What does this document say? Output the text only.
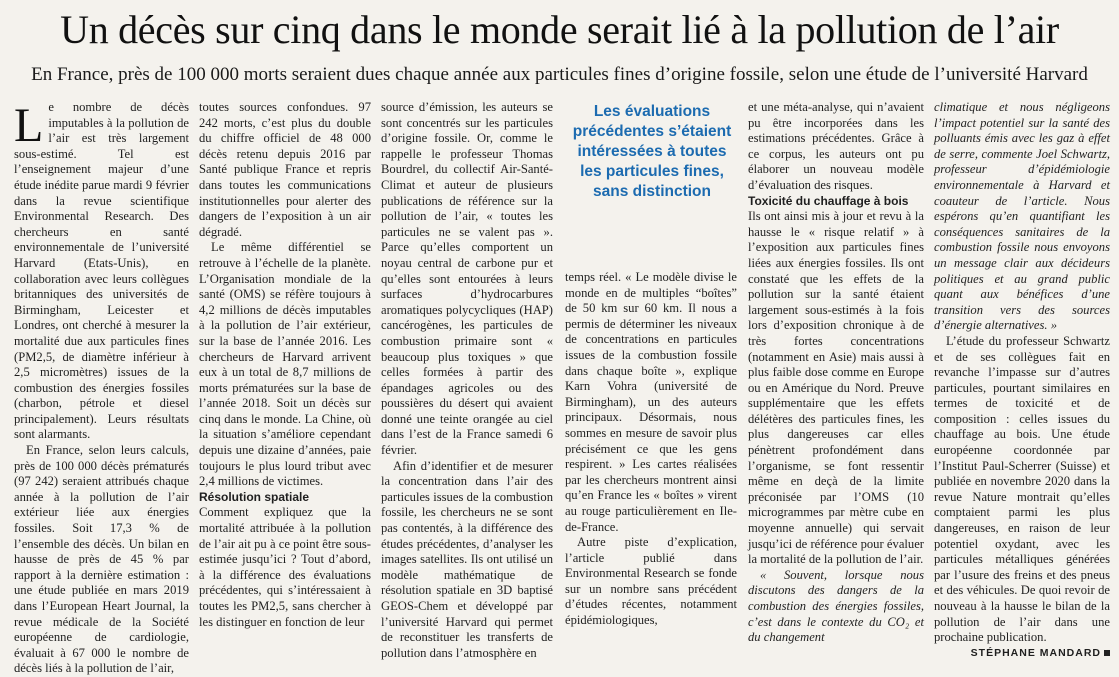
Un décès sur cinq dans le monde serait lié à la pollution de l’air
En France, près de 100 000 morts seraient dues chaque année aux particules fines d’origine fossile, selon une étude de l’université Harvard

Le nombre de décès imputables à la pollution de l’air est très largement sous-estimé. Tel est l’enseignement majeur d’une étude inédite parue mardi 9 février dans la revue scientifique Environmental Research. Des chercheurs en santé environnementale de l’université Harvard (Etats-Unis), en collaboration avec leurs collègues britanniques des universités de Birmingham, Leicester et Londres, ont cherché à mesurer la mortalité due aux particules fines (PM2,5, de diamètre inférieur à 2,5 micromètres) issues de la combustion des énergies fossiles (charbon, pétrole et diesel principalement). Leurs résultats sont alarmants.

En France, selon leurs calculs, près de 100 000 décès prématurés (97 242) seraient attribués chaque année à la pollution de l’air extérieur liée aux énergies fossiles. Soit 17,3 % de l’ensemble des décès. Un bilan en hausse de près de 45 % par rapport à la dernière estimation : une étude publiée en mars 2019 dans l’European Heart Journal, la revue médicale de la Société européenne de cardiologie, évaluait à 67 000 le nombre de décès liés à la pollution de l’air,

toutes sources confondues. 97 242 morts, c’est plus du double du chiffre officiel de 48 000 décès retenu depuis 2016 par Santé publique France et repris dans toutes les communications institutionnelles pour alerter des dangers de l’exposition à un air dégradé.

Le même différentiel se retrouve à l’échelle de la planète. L’Organisation mondiale de la santé (OMS) se réfère toujours à 4,2 millions de décès imputables à la pollution de l’air extérieur, sur la base de l’année 2016. Les chercheurs de Harvard arrivent eux à un total de 8,7 millions de morts prématurées sur la base de l’année 2018. Soit un décès sur cinq dans le monde. La Chine, où la situation s’améliore cependant depuis une dizaine d’années, paie toujours le plus lourd tribut avec 2,4 millions de victimes.

Résolution spatiale

Comment expliquez que la mortalité attribuée à la pollution de l’air ait pu à ce point être sous-estimée jusqu’ici ? Tout d’abord, à la différence des évaluations précédentes, qui s’intéressaient à toutes les PM2,5, sans chercher à les distinguer en fonction de leur

source d’émission, les auteurs se sont concentrés sur les particules d’origine fossile. Or, comme le rappelle le professeur Thomas Bourdrel, du collectif Air-Santé-Climat et auteur de plusieurs publications de référence sur la pollution de l’air, « toutes les particules ne se valent pas ». Parce qu’elles comportent un noyau central de carbone pur et qu’elles sont entourées à leurs surfaces d’hydrocarbures aromatiques polycycliques (HAP) cancérogènes, les particules de combustion primaire sont « beaucoup plus toxiques » que celles formées à partir des épandages agricoles ou des poussières du désert qui avaient donné une teinte orangée au ciel dans l’est de la France samedi 6 février.

Afin d’identifier et de mesurer la concentration dans l’air des particules issues de la combustion fossile, les chercheurs ne se sont pas contentés, à la différence des études précédentes, d’analyser les images satellites. Ils ont utilisé un modèle mathématique de résolution spatiale en 3D baptisé GEOS-Chem et développé par l’université Harvard qui permet de reconstituer les transferts de pollution dans l’atmosphère en

Les évaluations précédentes s’étaient intéressées à toutes les particules fines, sans distinction

temps réel. « Le modèle divise le monde en de multiples “boîtes” de 50 km sur 60 km. Il nous a permis de déterminer les niveaux de concentrations en particules issues de la combustion fossile dans chaque boîte », explique Karn Vohra (université de Birmingham), un des auteurs principaux. Désormais, nous sommes en mesure de savoir plus précisément ce que les gens respirent. » Les cartes réalisées par les chercheurs montrent ainsi qu’en France les « boîtes » virent au rouge particulièrement en Ile-de-France.

Autre piste d’explication, l’article publié dans Environmental Research se fonde sur un nombre sans précédent d’études récentes, notamment épidémiologiques,

et une méta-analyse, qui n’avaient pu être incorporées dans les estimations précédentes. Grâce à ce corpus, les auteurs ont pu élaborer un nouveau modèle d’évaluation des risques.

Toxicité du chauffage à bois

Ils ont ainsi mis à jour et revu à la hausse le « risque relatif » à l’exposition aux particules fines liées aux énergies fossiles. Ils ont constaté que les effets de la pollution sur la santé étaient largement sous-estimés à la fois lors d’exposition chronique à de très fortes concentrations (notamment en Asie) mais aussi à plus faible dose comme en Europe ou en Amérique du Nord. Preuve supplémentaire que les effets délétères des particules fines, les plus dangereuses car elles pénètrent profondément dans l’organisme, se font ressentir même en deçà de la limite préconisée par l’OMS (10 microgrammes par mètre cube en moyenne annuelle) qui servait jusqu’ici de référence pour évaluer la mortalité de la pollution de l’air.

« Souvent, lorsque nous discutons des dangers de la combustion des énergies fossiles, c’est dans le contexte du CO₂ et du changement

climatique et nous négligeons l’impact potentiel sur la santé des polluants émis avec les gaz à effet de serre, commente Joel Schwartz, professeur d’épidémiologie environnementale à Harvard et coauteur de l’article. Nous espérons qu’en quantifiant les conséquences sanitaires de la combustion fossile nous envoyons un message clair aux décideurs politiques et au grand public quant aux bénéfices d’une transition vers des sources d’énergie alternatives. »

L’étude du professeur Schwartz et de ses collègues fait en revanche l’impasse sur d’autres particules, pourtant similaires en termes de toxicité et de composition : celles issues du chauffage au bois. Une étude européenne coordonnée par l’Institut Paul-Scherrer (Suisse) et publiée en novembre 2020 dans la revue Nature montrait qu’elles comptaient parmi les plus dangereuses, en raison de leur potentiel oxydant, avec les particules métalliques générées par l’usure des freins et des pneus et des véhicules. De quoi revoir de nouveau à la hausse le bilan de la pollution de l’air dans une prochaine publication.

STÉPHANE MANDARD
